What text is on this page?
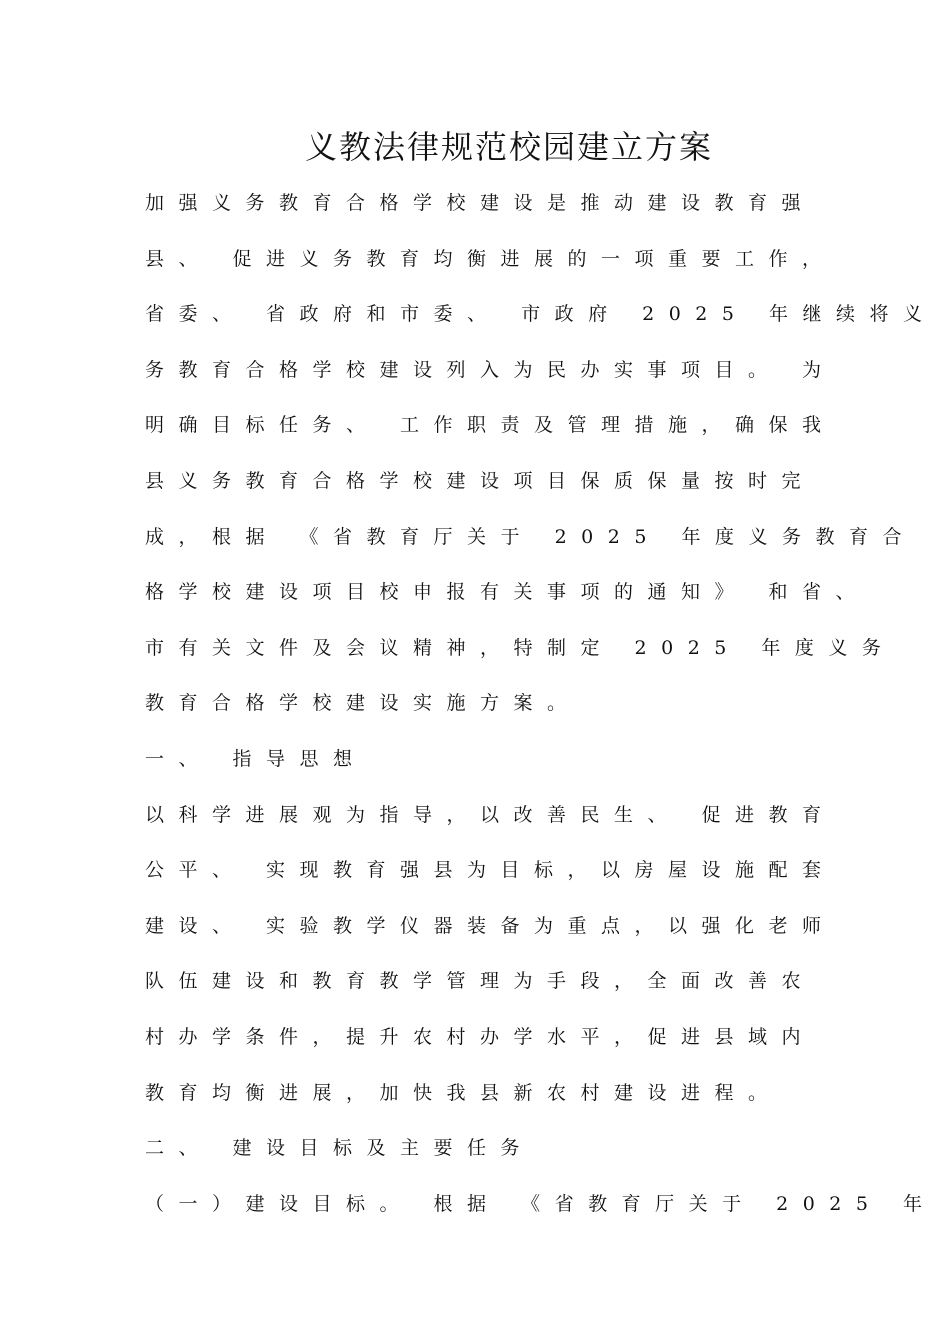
义教法律规范校园建立方案
加强义务教育合格学校建设是推动建设教育强
县、 促进义务教育均衡进展的一项重要工作，
省委、 省政府和市委、 市政府 2025 年继续将义
务教育合格学校建设列入为民办实事项目。 为
明确目标任务、 工作职责及管理措施，确保我
县义务教育合格学校建设项目保质保量按时完
成，根据 《省教育厅关于 2025 年度义务教育合
格学校建设项目校申报有关事项的通知》 和省、
市有关文件及会议精神，特制定 2025 年度义务
教育合格学校建设实施方案。
一、 指导思想
以科学进展观为指导，以改善民生、 促进教育
公平、 实现教育强县为目标，以房屋设施配套
建设、 实验教学仪器装备为重点，以强化老师
队伍建设和教育教学管理为手段，全面改善农
村办学条件，提升农村办学水平，促进县域内
教育均衡进展，加快我县新农村建设进程。
二、 建设目标及主要任务
（一）建设目标。 根据 《省教育厅关于 2025 年
